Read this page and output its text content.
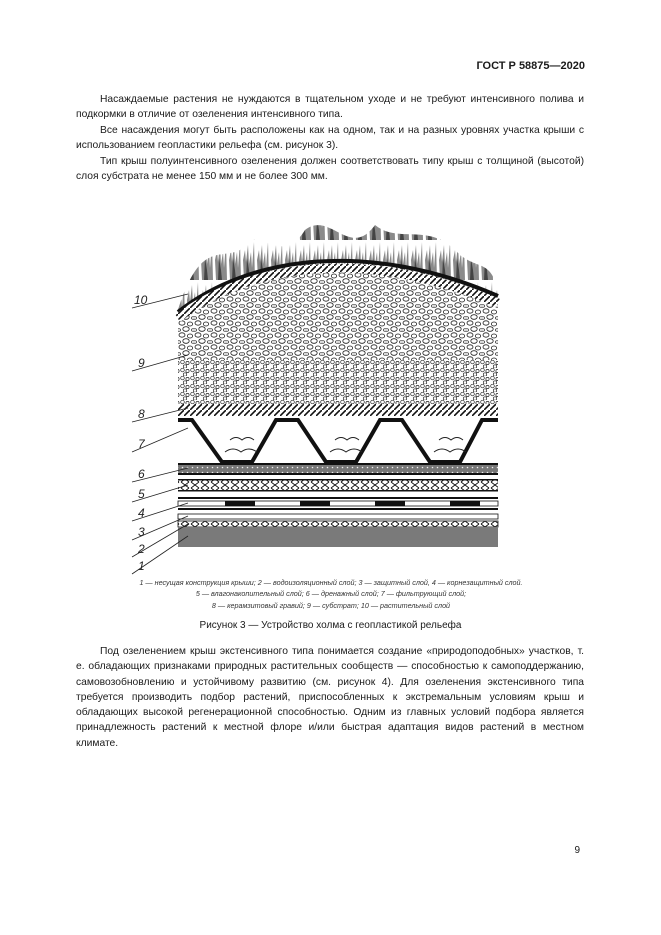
ГОСТ Р 58875—2020

Насаждаемые растения не нуждаются в тщательном уходе и не требуют интенсивного полива и подкормки в отличие от озеленения интенсивного типа.

Все насаждения могут быть расположены как на одном, так и на разных уровнях участка крыши с использованием геопластики рельефа (см. рисунок 3).

Тип крыш полуинтенсивного озеленения должен соответствовать типу крыш с толщиной (высотой) слоя субстрата не менее 150 мм и не более 300 мм.

10
9
8
7
6
5
4
3
2
1
1 — несущая конструкция крыши; 2 — водоизоляционный слой; 3 — защитный слой, 4 — корнезащитный слой.
5 — влагонакопительный слой; 6 — дренажный слой; 7 — фильтрующий слой;
8 — керамзитовый гравий; 9 — субстрат; 10 — растительный слой
Рисунок 3 — Устройство холма с геопластикой рельефа

Под озеленением крыш экстенсивного типа понимается создание «природоподобных» участков, т. е. обладающих признаками природных растительных сообществ — способностью к самоподдержанию, самовозобновлению и устойчивому развитию (см. рисунок 4). Для озеленения экстенсивного типа требуется производить подбор растений, приспособленных к экстремальным условиям крыш и обладающих высокой регенерационной способностью. Одним из главных условий подбора является принадлежность растений к местной флоре и/или быстрая адаптация видов растений в местном климате.

9
